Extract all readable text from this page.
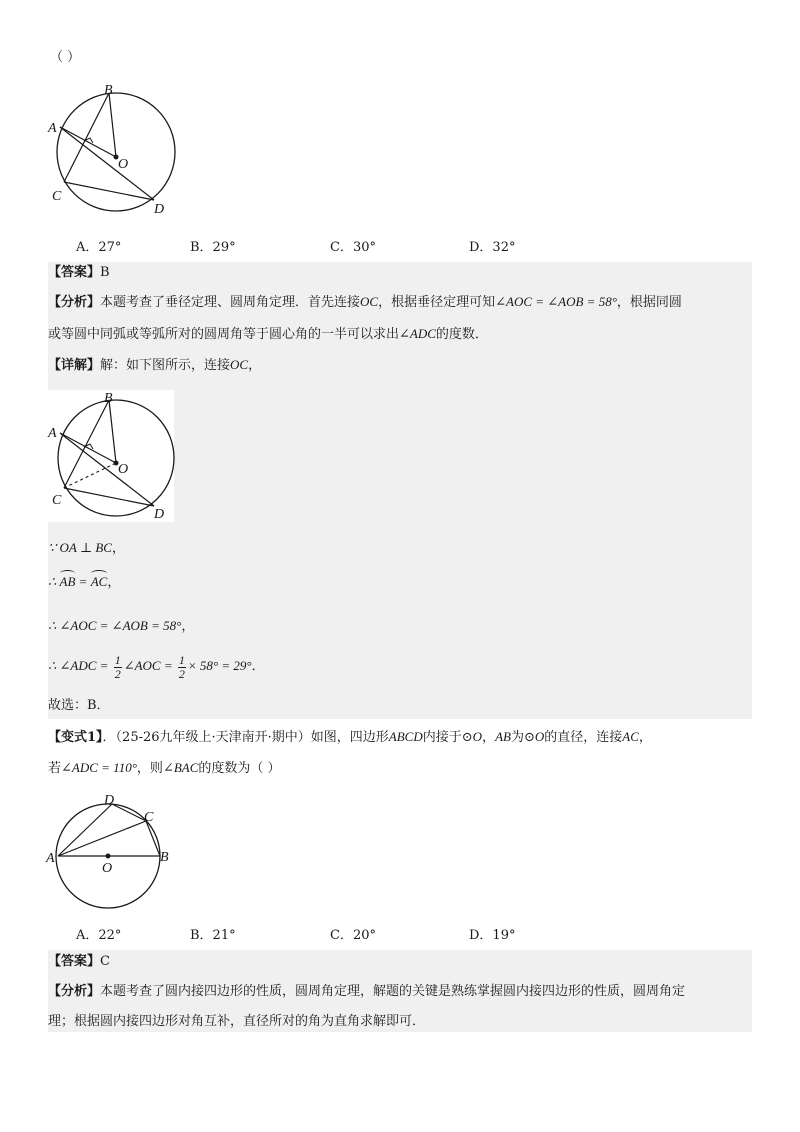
（ ）
B
A
O
C
D
A．27°	B．29°	C．30°	D．32°
【答案】B
【分析】本题考查了垂径定理、圆周角定理．首先连接OC，根据垂径定理可知∠AOC = ∠AOB = 58°，根据同圆
或等圆中同弧或等弧所对的圆周角等于圆心角的一半可以求出∠ADC的度数．
【详解】解：如下图所示，连接OC，
B
A
O
C
D
∵ OA ⊥ BC，
∴ AB = AC，
∴ ∠AOC = ∠AOB = 58°，
∴ ∠ADC = $\frac{1}{2}$ ∠AOC = $\frac{1}{2} \times 58^\circ = 29^\circ$．
故选：B．
【变式1】．（25-26九年级上·天津南开·期中）如图，四边形ABCD内接于⊙O，AB为⊙O的直径，连接AC，
若∠ADC = 110°，则∠BAC的度数为（ ）
D
C
A	B
O
A．22°	B．21°	C．20°	D．19°
【答案】C
【分析】本题考查了圆内接四边形的性质，圆周角定理，解题的关键是熟练掌握圆内接四边形的性质，圆周角定
理；根据圆内接四边形对角互补，直径所对的角为直角求解即可．
